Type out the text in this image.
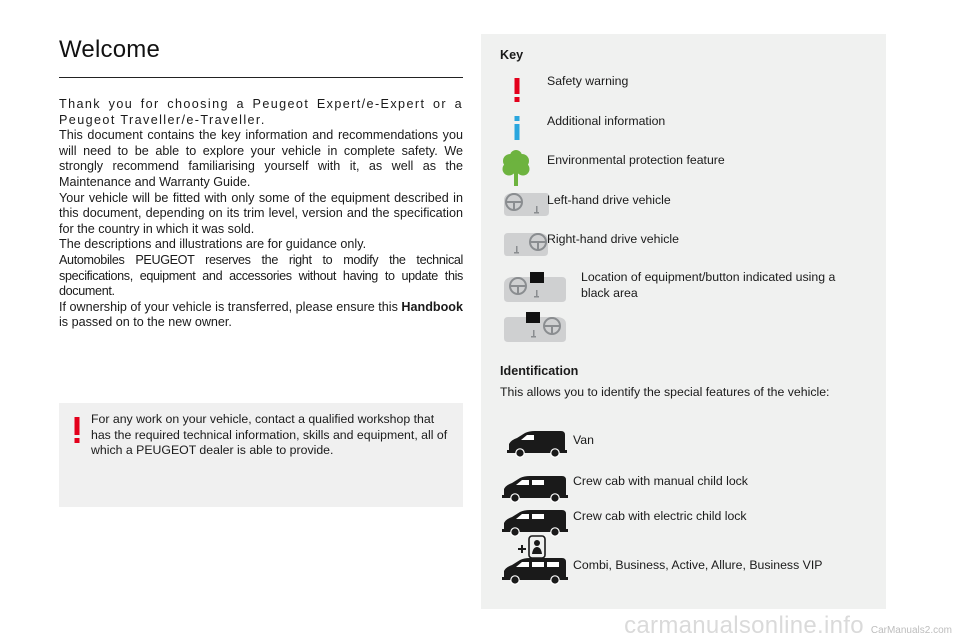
Welcome

Thank you for choosing a Peugeot Expert/e-Expert or a Peugeot Traveller/e-Traveller.

This document contains the key information and recommendations you will need to be able to explore your vehicle in complete safety. We strongly recommend familiarising yourself with it, as well as the Maintenance and Warranty Guide.

Your vehicle will be fitted with only some of the equipment described in this document, depending on its trim level, version and the specification for the country in which it was sold.

The descriptions and illustrations are for guidance only.

Automobiles PEUGEOT reserves the right to modify the technical specifications, equipment and accessories without having to update this document.

If ownership of your vehicle is transferred, please ensure this Handbook is passed on to the new owner.

For any work on your vehicle, contact a qualified workshop that has the required technical information, skills and equipment, all of which a PEUGEOT dealer is able to provide.
Key
Safety warning
Additional information
Environmental protection feature
Left-hand drive vehicle
Right-hand drive vehicle
Location of equipment/button indicated using a black area
Identification
This allows you to identify the special features of the vehicle:
Van
Crew cab with manual child lock
Crew cab with electric child lock
Combi, Business, Active, Allure, Business VIP
carmanualsonline.info CarManuals2.com
